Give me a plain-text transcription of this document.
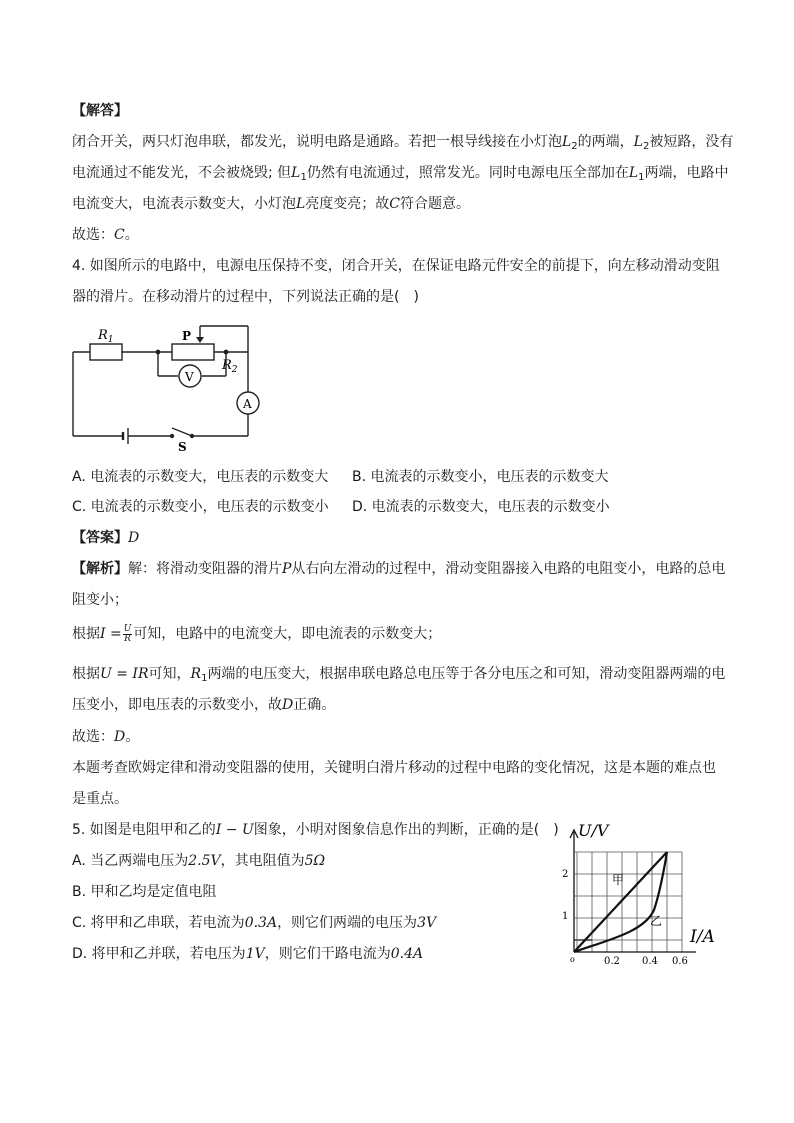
【解答】
闭合开关，两只灯泡串联，都发光，说明电路是通路。若把一根导线接在小灯泡$L_2$的两端，$L_2$被短路，没有
电流通过不能发光，不会被烧毁; 但$L_1$仍然有电流通过，照常发光。同时电源电压全部加在$L_1$两端，电路中
电流变大，电流表示数变大，小灯泡L亮度变亮；故C符合题意。
故选：C。
4. 如图所示的电路中，电源电压保持不变，闭合开关，在保证电路元件安全的前提下，向左移动滑动变阻
器的滑片。在移动滑片的过程中，下列说法正确的是(　)
$R_1$	P
$R_2$
V
A
S
A. 电流表的示数变大，电压表的示数变大 B. 电流表的示数变小，电压表的示数变大
C. 电流表的示数变小，电压表的示数变小 D. 电流表的示数变大，电压表的示数变小
【答案】D
【解析】解：将滑动变阻器的滑片P从右向左滑动的过程中，滑动变阻器接入电路的电阻变小，电路的总电
阻变小；
根据$I = \frac{U}{R}$ 可知，电路中的电流变大，即电流表的示数变大；
根据U = IR可知，$R_1$两端的电压变大，根据串联电路总电压等于各分电压之和可知，滑动变阻器两端的电
压变小，即电压表的示数变小，故D正确。
故选：D。
本题考查欧姆定律和滑动变阻器的使用，关键明白滑片移动的过程中电路的变化情况，这是本题的难点也
是重点。
5. 如图是电阻甲和乙的I − U图象，小明对图象信息作出的判断，正确的是(　)
A. 当乙两端电压为2.5V，其电阻值为5Ω
B. 甲和乙均是定值电阻
C. 将甲和乙串联，若电流为0.3A，则它们两端的电压为3V
D. 将甲和乙并联，若电压为1V，则它们干路电流为0.4A
U/V
I/A
2
1
o	0.2 0.4 0.6
甲
乙
